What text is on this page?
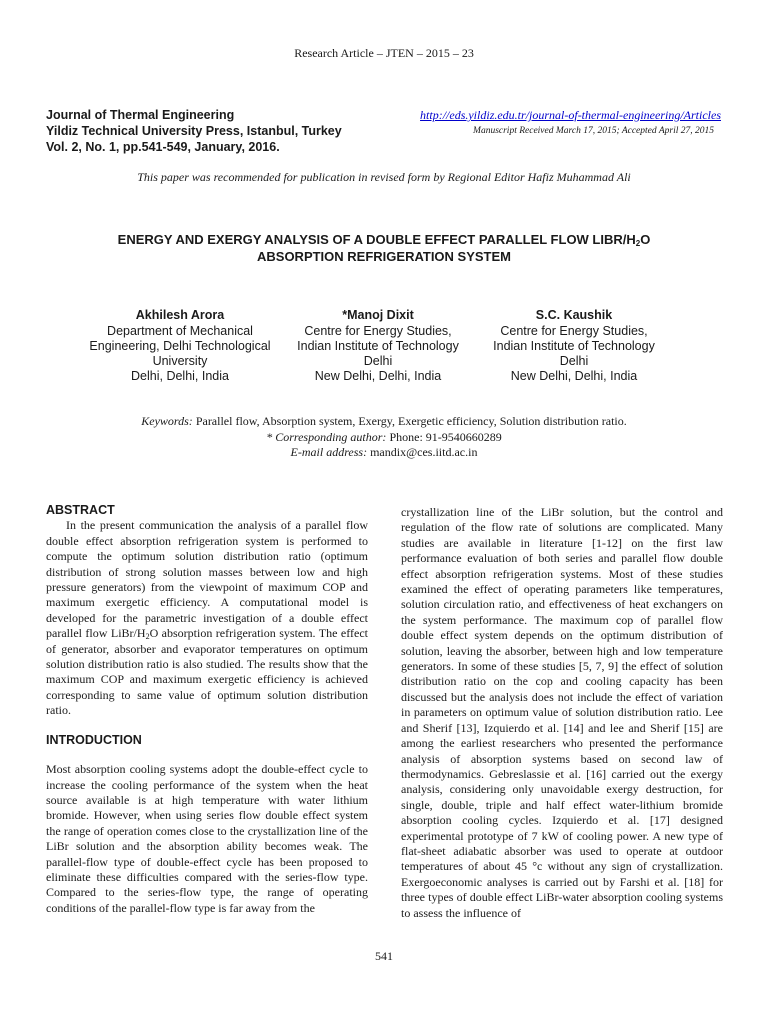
Research Article – JTEN – 2015 – 23
Journal of Thermal Engineering
Yildiz Technical University Press, Istanbul, Turkey
Vol. 2, No. 1, pp.541-549, January, 2016.
http://eds.yildiz.edu.tr/journal-of-thermal-engineering/Articles
Manuscript Received March 17, 2015; Accepted April 27, 2015
This paper was recommended for publication in revised form by Regional Editor Hafiz Muhammad Ali
ENERGY AND EXERGY ANALYSIS OF A DOUBLE EFFECT PARALLEL FLOW LIBR/$H_2O$
ABSORPTION REFRIGERATION SYSTEM
Akhilesh Arora
Department of Mechanical
Engineering, Delhi Technological
University
Delhi, Delhi, India
*Manoj Dixit
Centre for Energy Studies,
Indian Institute of Technology
Delhi
New Delhi, Delhi, India
S.C. Kaushik
Centre for Energy Studies,
Indian Institute of Technology
Delhi
New Delhi, Delhi, India
Keywords: Parallel flow, Absorption system, Exergy, Exergetic efficiency, Solution distribution ratio.
* Corresponding author: Phone: 91-9540660289
E-mail address: mandix@ces.iitd.ac.in
ABSTRACT

In the present communication the analysis of a parallel flow double effect absorption refrigeration system is performed to compute the optimum solution distribution ratio (optimum distribution of strong solution masses between low and high pressure generators) from the viewpoint of maximum COP and maximum exergetic efficiency. A computational model is developed for the parametric investigation of a double effect parallel flow LiBr/$H_2O$ absorption refrigeration system. The effect of generator, absorber and evaporator temperatures on optimum solution distribution ratio is also studied. The results show that the maximum COP and maximum exergetic efficiency is achieved corresponding to same value of optimum solution distribution ratio.

INTRODUCTION

Most absorption cooling systems adopt the double-effect cycle to increase the cooling performance of the system when the heat source available is at high temperature with water lithium bromide. However, when using series flow double effect system the range of operation comes close to the crystallization line of the LiBr solution and the absorption ability becomes weak. The parallel-flow type of double-effect cycle has been proposed to eliminate these difficulties compared with the series-flow type. Compared to the series-flow type, the range of operating conditions of the parallel-flow type is far away from the

crystallization line of the LiBr solution, but the control and regulation of the flow rate of solutions are complicated. Many studies are available in literature [1-12] on the first law performance evaluation of both series and parallel flow double effect absorption refrigeration systems. Most of these studies examined the effect of operating parameters like temperatures, solution circulation ratio, and effectiveness of heat exchangers on the system performance. The maximum cop of parallel flow double effect system depends on the optimum distribution of solution, leaving the absorber, between high and low temperature generators. In some of these studies [5, 7, 9] the effect of solution distribution ratio on the cop and cooling capacity has been discussed but the analysis does not include the effect of variation in parameters on optimum value of solution distribution ratio. Lee and Sherif [13], Izquierdo et al. [14] and lee and Sherif [15] are among the earliest researchers who presented the performance analysis of absorption systems based on second law of thermodynamics. Gebreslassie et al. [16] carried out the exergy analysis, considering only unavoidable exergy destruction, for single, double, triple and half effect water-lithium bromide absorption cooling cycles. Izquierdo et al. [17] designed experimental prototype of 7 kW of cooling power. A new type of flat-sheet adiabatic absorber was used to operate at outdoor temperatures of about 45 °c without any sign of crystallization. Exergoeconomic analyses is carried out by Farshi et al. [18] for three types of double effect LiBr-water absorption cooling systems to assess the influence of

541
